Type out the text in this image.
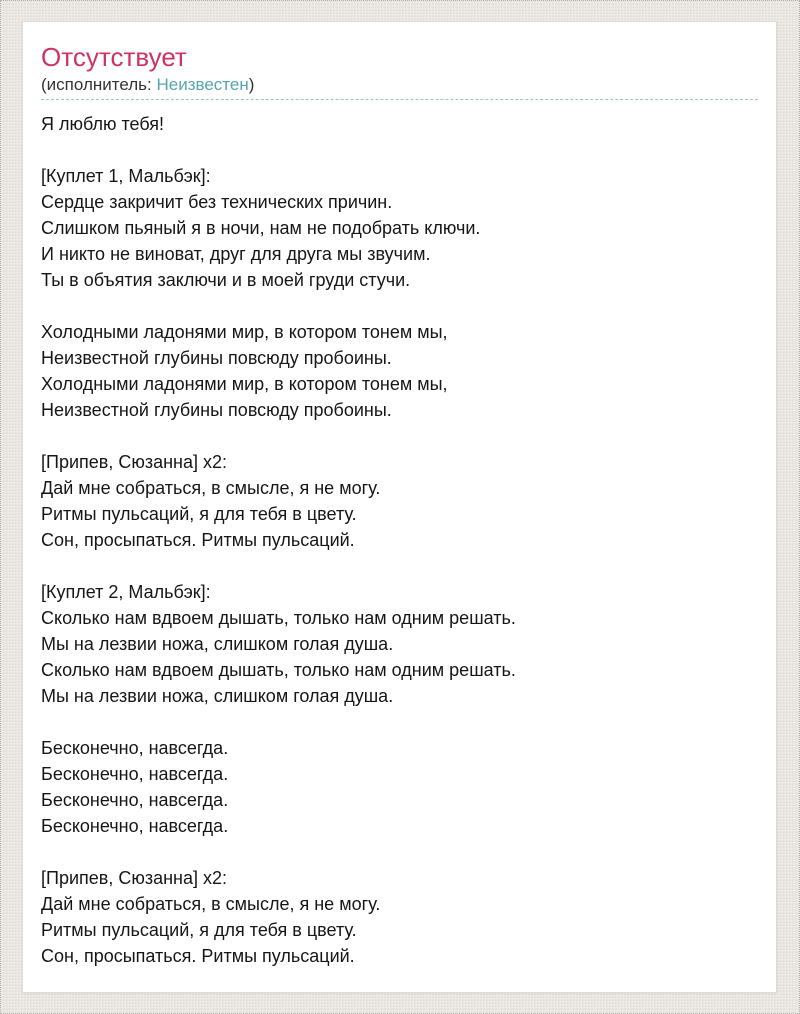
Отсутствует
(исполнитель: Неизвестен)

Я люблю тебя!

[Куплет 1, Мальбэк]:
Сердце закричит без технических причин.
Слишком пьяный я в ночи, нам не подобрать ключи.
И никто не виноват, друг для друга мы звучим.
Ты в объятия заключи и в моей груди стучи.

Холодными ладонями мир, в котором тонем мы,
Неизвестной глубины повсюду пробоины.
Холодными ладонями мир, в котором тонем мы,
Неизвестной глубины повсюду пробоины.

[Припев, Сюзанна] x2:
Дай мне собраться, в смысле, я не могу.
Ритмы пульсаций, я для тебя в цвету.
Сон, просыпаться. Ритмы пульсаций.

[Куплет 2, Мальбэк]:
Сколько нам вдвоем дышать, только нам одним решать.
Мы на лезвии ножа, слишком голая душа.
Сколько нам вдвоем дышать, только нам одним решать.
Мы на лезвии ножа, слишком голая душа.

Бесконечно, навсегда.
Бесконечно, навсегда.
Бесконечно, навсегда.
Бесконечно, навсегда.

[Припев, Сюзанна] x2:
Дай мне собраться, в смысле, я не могу.
Ритмы пульсаций, я для тебя в цвету.
Сон, просыпаться. Ритмы пульсаций.
